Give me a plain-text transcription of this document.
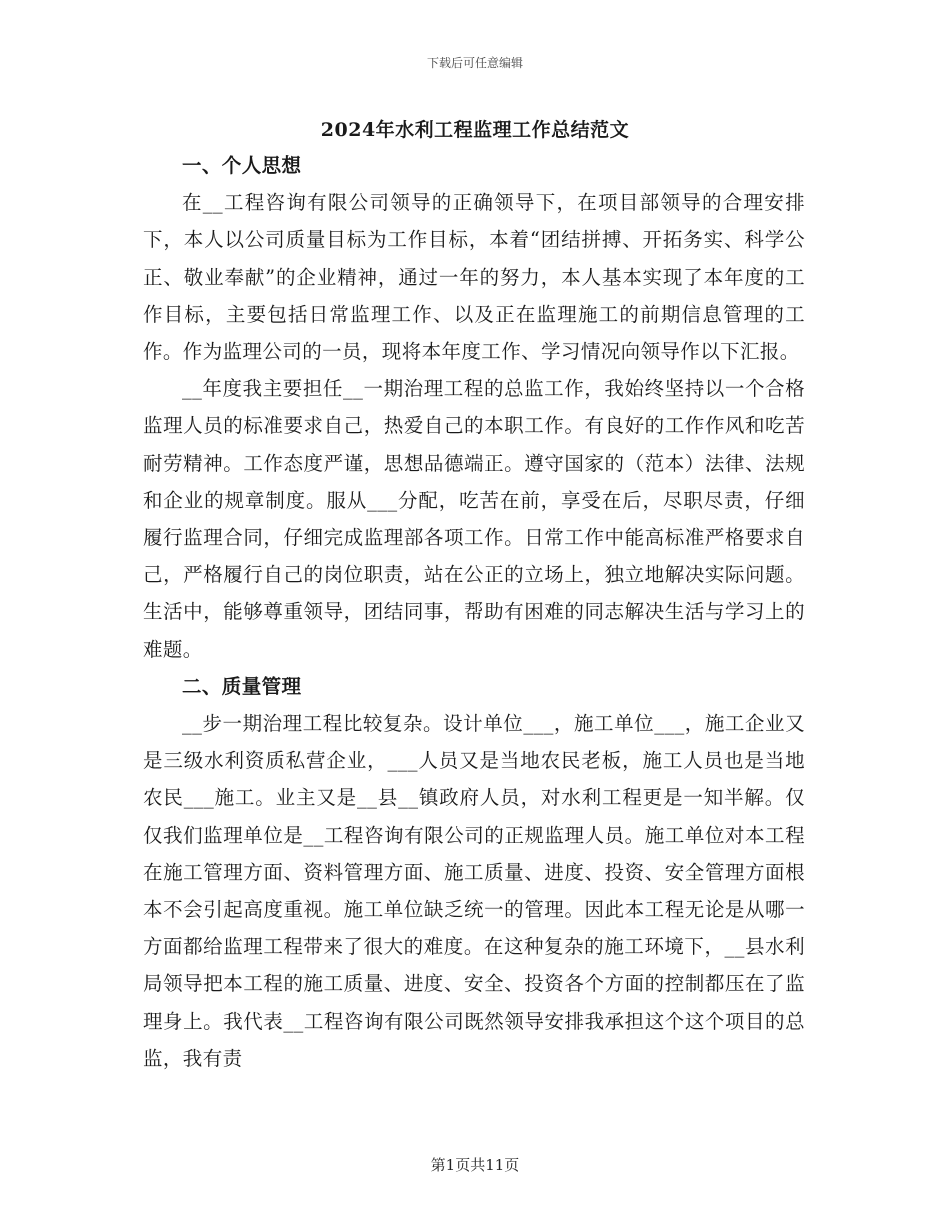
下载后可任意编辑
2024年水利工程监理工作总结范文
一、个人思想

在__工程咨询有限公司领导的正确领导下，在项目部领导的合理安排下，本人以公司质量目标为工作目标，本着“团结拼搏、开拓务实、科学公正、敬业奉献”的企业精神，通过一年的努力，本人基本实现了本年度的工作目标，主要包括日常监理工作、以及正在监理施工的前期信息管理的工作。作为监理公司的一员，现将本年度工作、学习情况向领导作以下汇报。

__年度我主要担任__一期治理工程的总监工作，我始终坚持以一个合格监理人员的标准要求自己，热爱自己的本职工作。有良好的工作作风和吃苦耐劳精神。工作态度严谨，思想品德端正。遵守国家的（范本）法律、法规和企业的规章制度。服从___分配，吃苦在前，享受在后，尽职尽责，仔细履行监理合同，仔细完成监理部各项工作。日常工作中能高标准严格要求自己，严格履行自己的岗位职责，站在公正的立场上，独立地解决实际问题。生活中，能够尊重领导，团结同事，帮助有困难的同志解决生活与学习上的难题。

二、质量管理

__步一期治理工程比较复杂。设计单位___，施工单位___，施工企业又是三级水利资质私营企业，___人员又是当地农民老板，施工人员也是当地农民___施工。业主又是__县__镇政府人员，对水利工程更是一知半解。仅仅我们监理单位是__工程咨询有限公司的正规监理人员。施工单位对本工程在施工管理方面、资料管理方面、施工质量、进度、投资、安全管理方面根本不会引起高度重视。施工单位缺乏统一的管理。因此本工程无论是从哪一方面都给监理工程带来了很大的难度。在这种复杂的施工环境下，__县水利局领导把本工程的施工质量、进度、安全、投资各个方面的控制都压在了监理身上。我代表__工程咨询有限公司既然领导安排我承担这个这个项目的总监，我有责

第1页共11页
